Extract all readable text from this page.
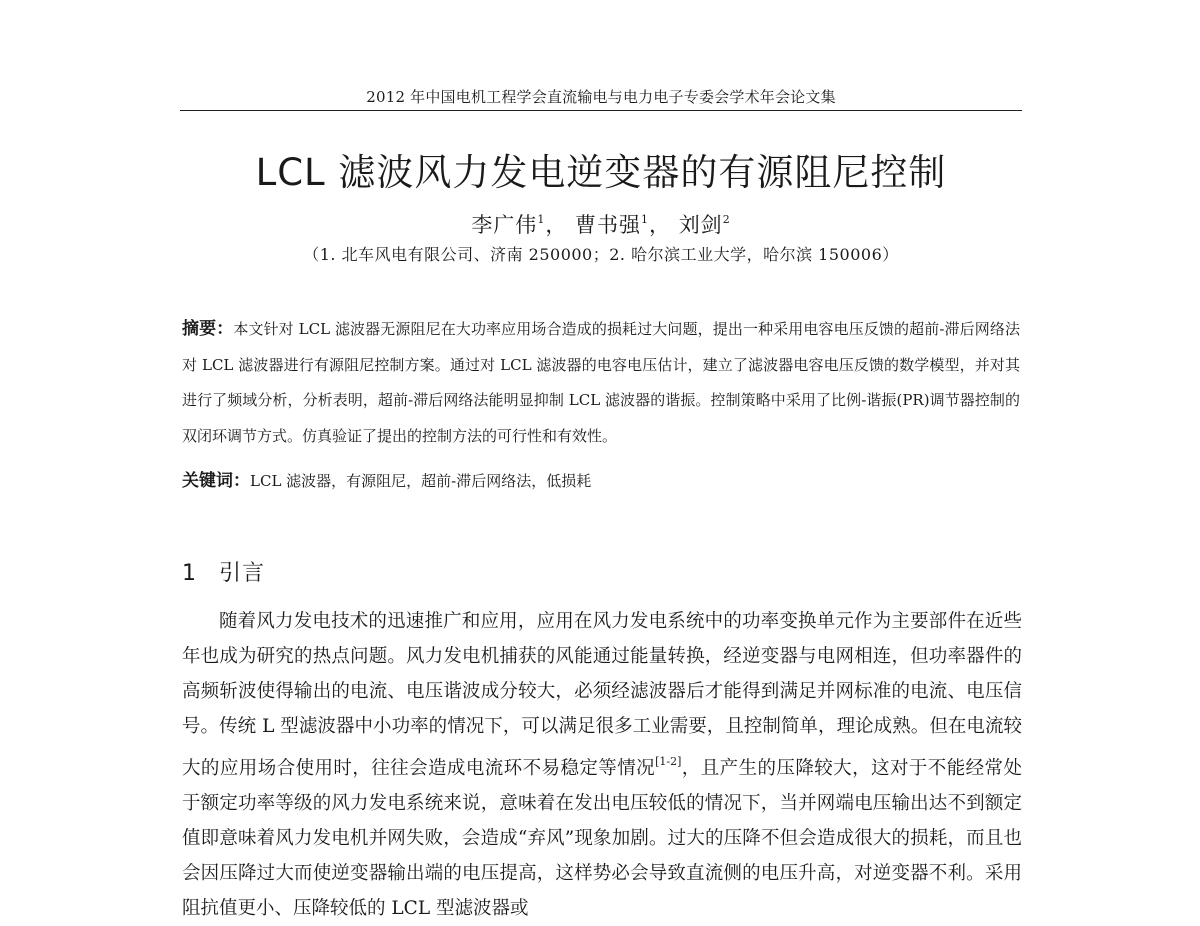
2012 年中国电机工程学会直流输电与电力电子专委会学术年会论文集
LCL 滤波风力发电逆变器的有源阻尼控制
李广伟$^1$， 曹书强$^1$， 刘剑$^2$
（1. 北车风电有限公司、济南 250000；2. 哈尔滨工业大学，哈尔滨 150006）
摘要：本文针对 LCL 滤波器无源阻尼在大功率应用场合造成的损耗过大问题，提出一种采用电容电压反馈的超前-滞后网络法对 LCL 滤波器进行有源阻尼控制方案。通过对 LCL 滤波器的电容电压估计，建立了滤波器电容电压反馈的数学模型，并对其进行了频域分析，分析表明，超前-滞后网络法能明显抑制 LCL 滤波器的谐振。控制策略中采用了比例-谐振(PR)调节器控制的双闭环调节方式。仿真验证了提出的控制方法的可行性和有效性。
关键词：LCL 滤波器，有源阻尼，超前-滞后网络法，低损耗
1 引言
随着风力发电技术的迅速推广和应用，应用在风力发电系统中的功率变换单元作为主要部件在近些年也成为研究的热点问题。风力发电机捕获的风能通过能量转换，经逆变器与电网相连，但功率器件的高频斩波使得输出的电流、电压谐波成分较大，必须经滤波器后才能得到满足并网标准的电流、电压信号。传统 L 型滤波器中小功率的情况下，可以满足很多工业需要，且控制简单，理论成熟。但在电流较大的应用场合使用时，往往会造成电流环不易稳定等情况[1-2]，且产生的压降较大，这对于不能经常处于额定功率等级的风力发电系统来说，意味着在发出电压较低的情况下，当并网端电压输出达不到额定值即意味着风力发电机并网失败，会造成“弃风”现象加剧。过大的压降不但会造成很大的损耗，而且也会因压降过大而使逆变器输出端的电压提高，这样势必会导致直流侧的电压升高，对逆变器不利。采用阻抗值更小、压降较低的 LCL 型滤波器或
